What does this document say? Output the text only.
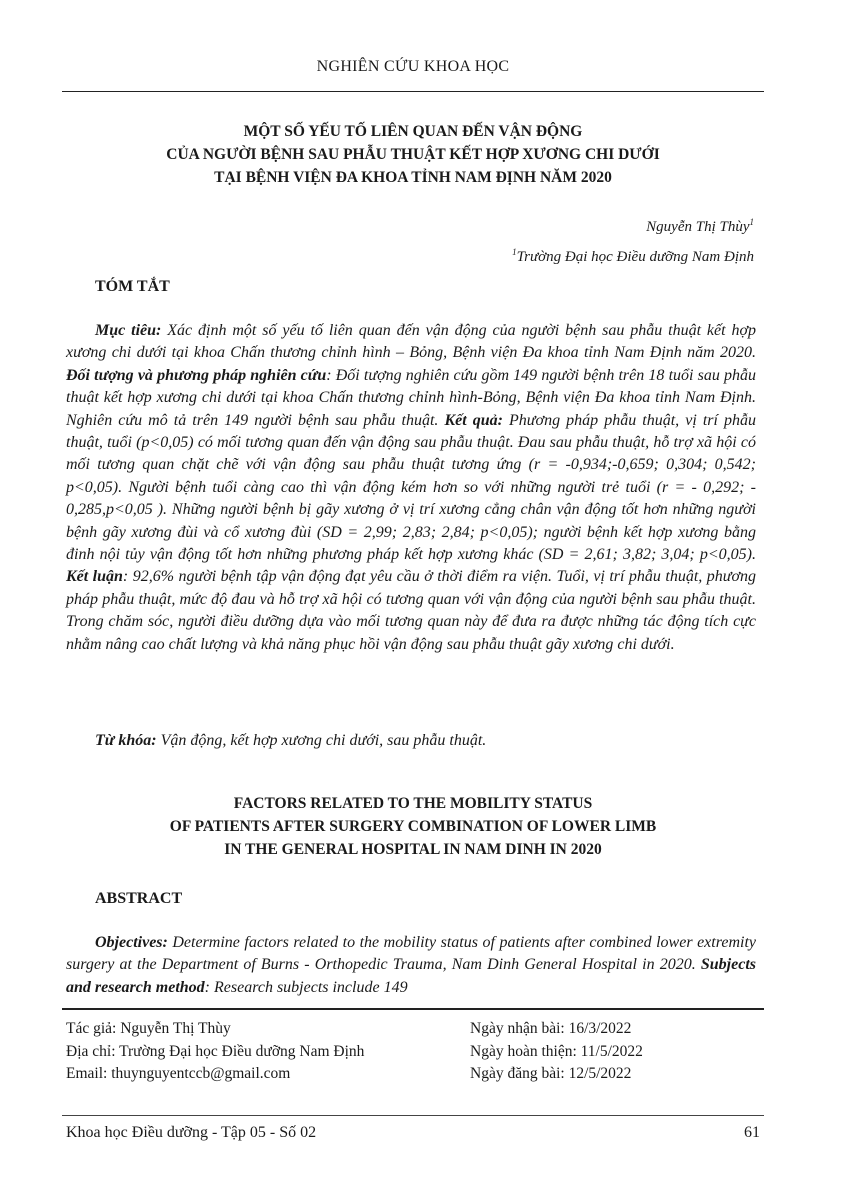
NGHIÊN CỨU KHOA HỌC
MỘT SỐ YẾU TỐ LIÊN QUAN ĐẾN VẬN ĐỘNG
CỦA NGƯỜI BỆNH SAU PHẪU THUẬT KẾT HỢP XƯƠNG CHI DƯỚI
TẠI BỆNH VIỆN ĐA KHOA TỈNH NAM ĐỊNH NĂM 2020
Nguyễn Thị Thùy$^1$
$^1$Trường Đại học Điều dưỡng Nam Định
TÓM TẮT

Mục tiêu: Xác định một số yếu tố liên quan đến vận động của người bệnh sau phẫu thuật kết hợp xương chi dưới tại khoa Chấn thương chỉnh hình – Bỏng, Bệnh viện Đa khoa tỉnh Nam Định năm 2020. Đối tượng và phương pháp nghiên cứu: Đối tượng nghiên cứu gồm 149 người bệnh trên 18 tuổi sau phẫu thuật kết hợp xương chi dưới tại khoa Chấn thương chỉnh hình-Bỏng, Bệnh viện Đa khoa tỉnh Nam Định. Nghiên cứu mô tả trên 149 người bệnh sau phẫu thuật. Kết quả: Phương pháp phẫu thuật, vị trí phẫu thuật, tuổi (p<0,05) có mối tương quan đến vận động sau phẫu thuật. Đau sau phẫu thuật, hỗ trợ xã hội có mối tương quan chặt chẽ với vận động sau phẫu thuật tương ứng (r = -0,934;-0,659; 0,304; 0,542; p<0,05). Người bệnh tuổi càng cao thì vận động kém hơn so với những người trẻ tuổi (r = - 0,292; - 0,285,p<0,05 ). Những người bệnh bị gãy xương ở vị trí xương cẳng chân vận động tốt hơn những người bệnh gãy xương đùi và cổ xương đùi (SD = 2,99; 2,83; 2,84; p<0,05); người bệnh kết hợp xương bằng đinh nội tủy vận động tốt hơn những phương pháp kết hợp xương khác (SD = 2,61; 3,82; 3,04; p<0,05). Kết luận: 92,6% người bệnh tập vận động đạt yêu cầu ở thời điểm ra viện. Tuổi, vị trí phẫu thuật, phương pháp phẫu thuật, mức độ đau và hỗ trợ xã hội có tương quan với vận động của người bệnh sau phẫu thuật. Trong chăm sóc, người điều dưỡng dựa vào mối tương quan này để đưa ra được những tác động tích cực nhằm nâng cao chất lượng và khả năng phục hồi vận động sau phẫu thuật gãy xương chi dưới.

Từ khóa: Vận động, kết hợp xương chi dưới, sau phẫu thuật.

FACTORS RELATED TO THE MOBILITY STATUS
OF PATIENTS AFTER SURGERY COMBINATION OF LOWER LIMB
IN THE GENERAL HOSPITAL IN NAM DINH IN 2020
ABSTRACT

Objectives: Determine factors related to the mobility status of patients after combined lower extremity surgery at the Department of Burns - Orthopedic Trauma, Nam Dinh General Hospital in 2020. Subjects and research method: Research subjects include 149

Tác giả: Nguyễn Thị Thùy
Địa chỉ: Trường Đại học Điều dưỡng Nam Định
Email: thuynguyentccb@gmail.com
Ngày nhận bài: 16/3/2022
Ngày hoàn thiện: 11/5/2022
Ngày đăng bài: 12/5/2022
Khoa học Điều dưỡng - Tập 05 - Số 02	61
